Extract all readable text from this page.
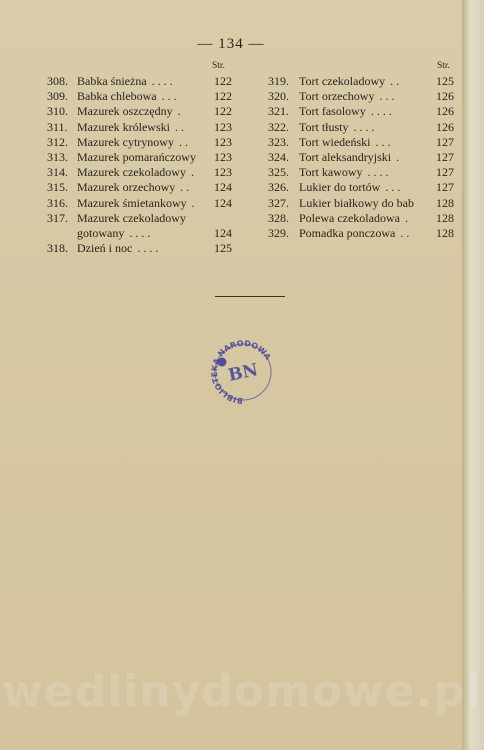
— 134 —
Str.	Str.
308. Babka śnieżna . . . .	122
309. Babka chlebowa . . .	122
310. Mazurek oszczędny .	122
311. Mazurek królewski . .	123
312. Mazurek cytrynowy . .	123
313. Mazurek pomarańczowy	123
314. Mazurek czekoladowy .	123
315. Mazurek orzechowy . .	124
316. Mazurek śmietankowy .	124
317. Mazurek czekoladowy
gotowany . . . .	124
318. Dzień i noc . . . .	125
319. Tort czekoladowy . .	125
320. Tort orzechowy . . .	126
321. Tort fasolowy . . . .	126
322. Tort tłusty . . . .	126
323. Tort wiedeński . . .	127
324. Tort aleksandryjski .	127
325. Tort kawowy . . . .	127
326. Lukier do tortów . . .	127
327. Lukier białkowy do bab	128
328. Polewa czekoladowa .	128
329. Pomadka ponczowa . .	128
BIBLIOTEKA NARODOWA
BN
wedlinydomowe.pl
